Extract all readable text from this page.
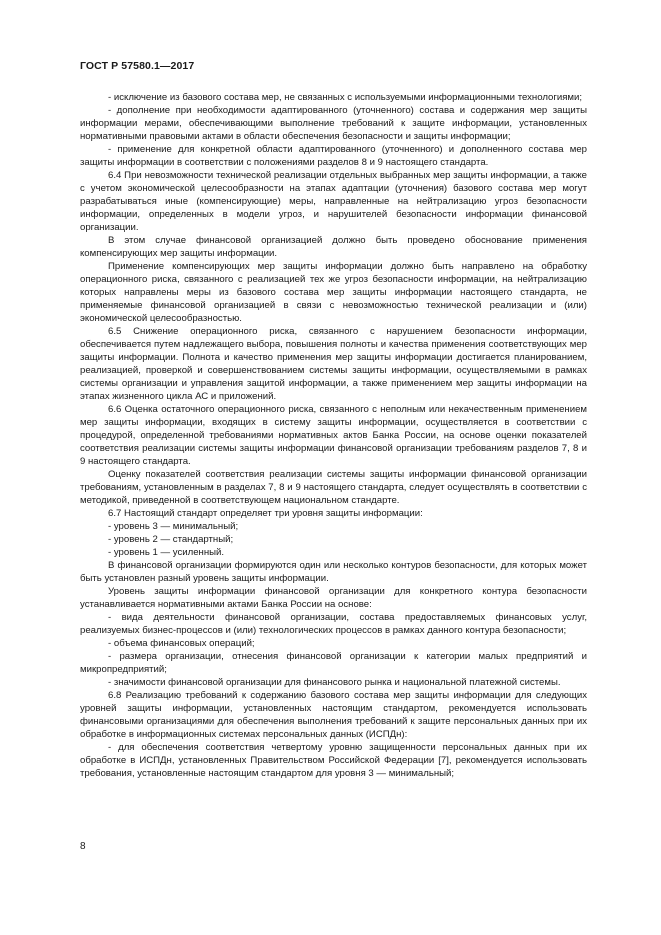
ГОСТ Р 57580.1—2017

- исключение из базового состава мер, не связанных с используемыми информационными технологиями;

- дополнение при необходимости адаптированного (уточненного) состава и содержания мер защиты информации мерами, обеспечивающими выполнение требований к защите информации, установленных нормативными правовыми актами в области обеспечения безопасности и защиты информации;

- применение для конкретной области адаптированного (уточненного) и дополненного состава мер защиты информации в соответствии с положениями разделов 8 и 9 настоящего стандарта.

6.4 При невозможности технической реализации отдельных выбранных мер защиты информации, а также с учетом экономической целесообразности на этапах адаптации (уточнения) базового состава мер могут разрабатываться иные (компенсирующие) меры, направленные на нейтрализацию угроз безопасности информации, определенных в модели угроз, и нарушителей безопасности информации финансовой организации.

В этом случае финансовой организацией должно быть проведено обоснование применения компенсирующих мер защиты информации.

Применение компенсирующих мер защиты информации должно быть направлено на обработку операционного риска, связанного с реализацией тех же угроз безопасности информации, на нейтрализацию которых направлены меры из базового состава мер защиты информации настоящего стандарта, не применяемые финансовой организацией в связи с невозможностью технической реализации и (или) экономической целесообразностью.

6.5 Снижение операционного риска, связанного с нарушением безопасности информации, обеспечивается путем надлежащего выбора, повышения полноты и качества применения соответствующих мер защиты информации. Полнота и качество применения мер защиты информации достигается планированием, реализацией, проверкой и совершенствованием системы защиты информации, осуществляемыми в рамках системы организации и управления защитой информации, а также применением мер защиты информации на этапах жизненного цикла АС и приложений.

6.6 Оценка остаточного операционного риска, связанного с неполным или некачественным применением мер защиты информации, входящих в систему защиты информации, осуществляется в соответствии с процедурой, определенной требованиями нормативных актов Банка России, на основе оценки показателей соответствия реализации системы защиты информации финансовой организации требованиям разделов 7, 8 и 9 настоящего стандарта.

Оценку показателей соответствия реализации системы защиты информации финансовой организации требованиям, установленным в разделах 7, 8 и 9 настоящего стандарта, следует осуществлять в соответствии с методикой, приведенной в соответствующем национальном стандарте.

6.7 Настоящий стандарт определяет три уровня защиты информации:

- уровень 3 — минимальный;

- уровень 2 — стандартный;

- уровень 1 — усиленный.

В финансовой организации формируются один или несколько контуров безопасности, для которых может быть установлен разный уровень защиты информации.

Уровень защиты информации финансовой организации для конкретного контура безопасности устанавливается нормативными актами Банка России на основе:

- вида деятельности финансовой организации, состава предоставляемых финансовых услуг, реализуемых бизнес-процессов и (или) технологических процессов в рамках данного контура безопасности;

- объема финансовых операций;

- размера организации, отнесения финансовой организации к категории малых предприятий и микропредприятий;

- значимости финансовой организации для финансового рынка и национальной платежной системы.

6.8 Реализацию требований к содержанию базового состава мер защиты информации для следующих уровней защиты информации, установленных настоящим стандартом, рекомендуется использовать финансовыми организациями для обеспечения выполнения требований к защите персональных данных при их обработке в информационных системах персональных данных (ИСПДн):

- для обеспечения соответствия четвертому уровню защищенности персональных данных при их обработке в ИСПДн, установленных Правительством Российской Федерации [7], рекомендуется использовать требования, установленные настоящим стандартом для уровня 3 — минимальный;

8
